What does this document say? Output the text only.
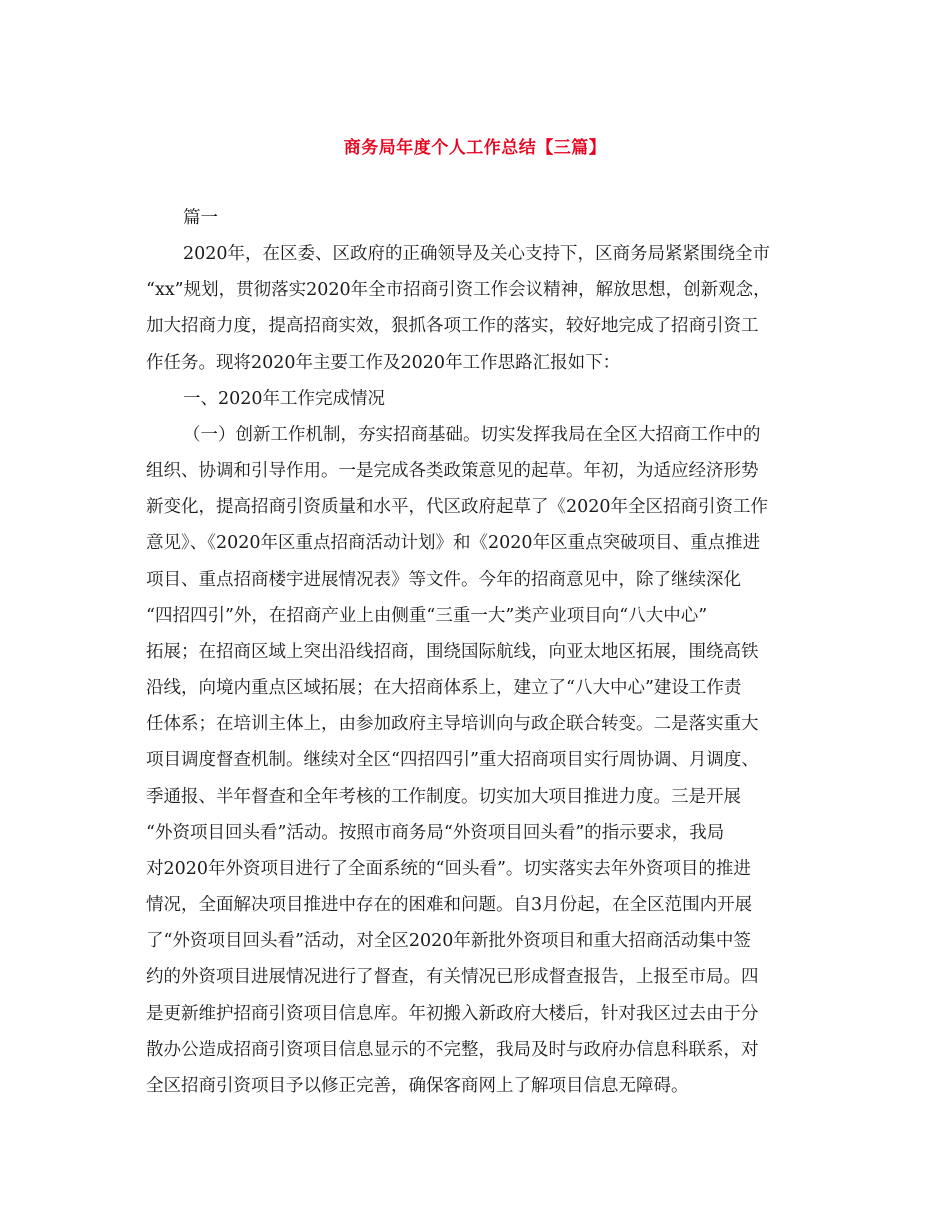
商务局年度个人工作总结【三篇】

篇一

2020年，在区委、区政府的正确领导及关心支持下，区商务局紧紧围绕全市

“xx”规划，贯彻落实2020年全市招商引资工作会议精神，解放思想，创新观念，

加大招商力度，提高招商实效，狠抓各项工作的落实，较好地完成了招商引资工

作任务。现将2020年主要工作及2020年工作思路汇报如下：

一、2020年工作完成情况

（一）创新工作机制，夯实招商基础。切实发挥我局在全区大招商工作中的

组织、协调和引导作用。一是完成各类政策意见的起草。年初，为适应经济形势

新变化，提高招商引资质量和水平，代区政府起草了《2020年全区招商引资工作

意见》、《2020年区重点招商活动计划》和《2020年区重点突破项目、重点推进

项目、重点招商楼宇进展情况表》等文件。今年的招商意见中，除了继续深化

“四招四引”外，在招商产业上由侧重“三重一大”类产业项目向“八大中心”

拓展；在招商区域上突出沿线招商，围绕国际航线，向亚太地区拓展，围绕高铁

沿线，向境内重点区域拓展；在大招商体系上，建立了“八大中心”建设工作责

任体系；在培训主体上，由参加政府主导培训向与政企联合转变。二是落实重大

项目调度督查机制。继续对全区“四招四引”重大招商项目实行周协调、月调度、

季通报、半年督查和全年考核的工作制度。切实加大项目推进力度。三是开展

“外资项目回头看”活动。按照市商务局“外资项目回头看”的指示要求，我局

对2020年外资项目进行了全面系统的“回头看”。切实落实去年外资项目的推进

情况，全面解决项目推进中存在的困难和问题。自3月份起，在全区范围内开展

了“外资项目回头看”活动，对全区2020年新批外资项目和重大招商活动集中签

约的外资项目进展情况进行了督查，有关情况已形成督查报告，上报至市局。四

是更新维护招商引资项目信息库。年初搬入新政府大楼后，针对我区过去由于分

散办公造成招商引资项目信息显示的不完整，我局及时与政府办信息科联系，对

全区招商引资项目予以修正完善，确保客商网上了解项目信息无障碍。
